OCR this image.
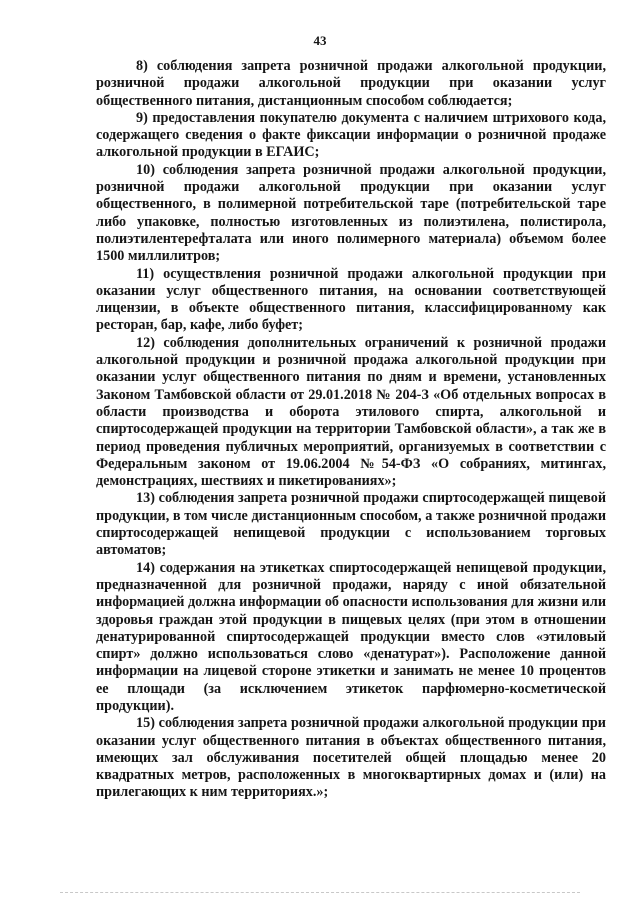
43

8) соблюдения запрета розничной продажи алкогольной продукции, розничной продажи алкогольной продукции при оказании услуг общественного питания, дистанционным способом соблюдается;

9) предоставления покупателю документа с наличием штрихового кода, содержащего сведения о факте фиксации информации о розничной продаже алкогольной продукции в ЕГАИС;

10) соблюдения запрета розничной продажи алкогольной продукции, розничной продажи алкогольной продукции при оказании услуг общественного, в полимерной потребительской таре (потребительской таре либо упаковке, полностью изготовленных из полиэтилена, полистирола, полиэтилентерефталата или иного полимерного материала) объемом более 1500 миллилитров;

11) осуществления розничной продажи алкогольной продукции при оказании услуг общественного питания, на основании соответствующей лицензии, в объекте общественного питания, классифицированному как ресторан, бар, кафе, либо буфет;

12) соблюдения дополнительных ограничений к розничной продажи алкогольной продукции и розничной продажа алкогольной продукции при оказании услуг общественного питания по дням и времени, установленных Законом Тамбовской области от 29.01.2018 № 204-З «Об отдельных вопросах в области производства и оборота этилового спирта, алкогольной и спиртосодержащей продукции на территории Тамбовской области», а так же в период проведения публичных мероприятий, организуемых в соответствии с Федеральным законом от 19.06.2004 №54-ФЗ «О собраниях, митингах, демонстрациях, шествиях и пикетированиях»;

13) соблюдения запрета розничной продажи спиртосодержащей пищевой продукции, в том числе дистанционным способом, а также розничной продажи спиртосодержащей непищевой продукции с использованием торговых автоматов;

14) содержания на этикетках спиртосодержащей непищевой продукции, предназначенной для розничной продажи, наряду с иной обязательной информацией должна информации об опасности использования для жизни или здоровья граждан этой продукции в пищевых целях (при этом в отношении денатурированной спиртосодержащей продукции вместо слов «этиловый спирт» должно использоваться слово «денатурат»). Расположение данной информации на лицевой стороне этикетки и занимать не менее 10 процентов ее площади (за исключением этикеток парфюмерно-косметической продукции).

15) соблюдения запрета розничной продажи алкогольной продукции при оказании услуг общественного питания в объектах общественного питания, имеющих зал обслуживания посетителей общей площадью менее 20 квадратных метров, расположенных в многоквартирных домах и (или) на прилегающих к ним территориях.»;
